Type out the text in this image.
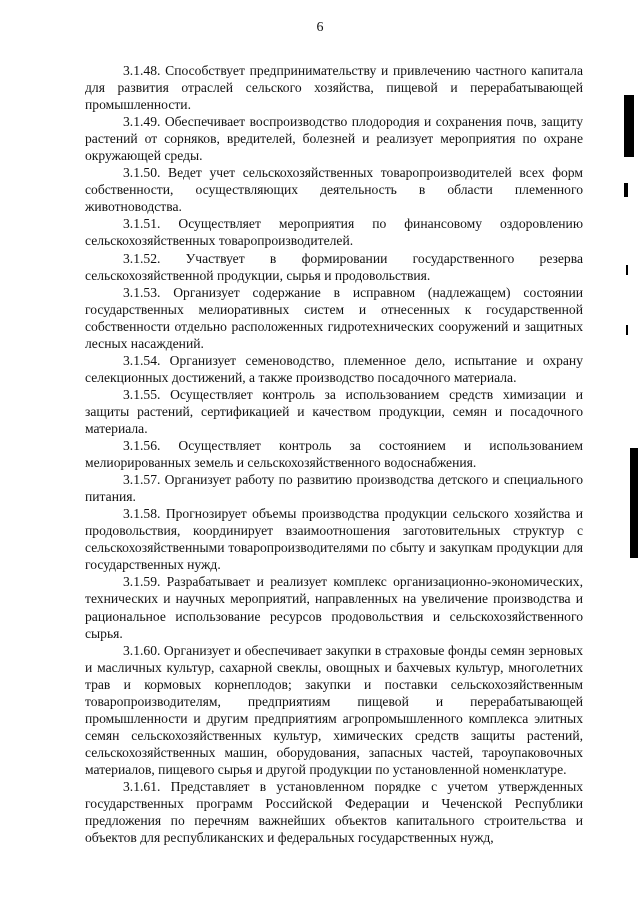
6

3.1.48. Способствует предпринимательству и привлечению частного капитала для развития отраслей сельского хозяйства, пищевой и перерабатывающей промышленности.

3.1.49. Обеспечивает воспроизводство плодородия и сохранения почв, защиту растений от сорняков, вредителей, болезней и реализует мероприятия по охране окружающей среды.

3.1.50. Ведет учет сельскохозяйственных товаропроизводителей всех форм собственности, осуществляющих деятельность в области племенного животноводства.

3.1.51. Осуществляет мероприятия по финансовому оздоровлению сельскохозяйственных товаропроизводителей.

3.1.52. Участвует в формировании государственного резерва сельскохозяйственной продукции, сырья и продовольствия.

3.1.53. Организует содержание в исправном (надлежащем) состоянии государственных мелиоративных систем и отнесенных к государственной собственности отдельно расположенных гидротехнических сооружений и защитных лесных насаждений.

3.1.54. Организует семеноводство, племенное дело, испытание и охрану селекционных достижений, а также производство посадочного материала.

3.1.55. Осуществляет контроль за использованием средств химизации и защиты растений, сертификацией и качеством продукции, семян и посадочного материала.

3.1.56. Осуществляет контроль за состоянием и использованием мелиорированных земель и сельскохозяйственного водоснабжения.

3.1.57. Организует работу по развитию производства детского и специального питания.

3.1.58. Прогнозирует объемы производства продукции сельского хозяйства и продовольствия, координирует взаимоотношения заготовительных структур с сельскохозяйственными товаропроизводителями по сбыту и закупкам продукции для государственных нужд.

3.1.59. Разрабатывает и реализует комплекс организационно-экономических, технических и научных мероприятий, направленных на увеличение производства и рациональное использование ресурсов продовольствия и сельскохозяйственного сырья.

3.1.60. Организует и обеспечивает закупки в страховые фонды семян зерновых и масличных культур, сахарной свеклы, овощных и бахчевых культур, многолетних трав и кормовых корнеплодов; закупки и поставки сельскохозяйственным товаропроизводителям, предприятиям пищевой и перерабатывающей промышленности и другим предприятиям агропромышленного комплекса элитных семян сельскохозяйственных культур, химических средств защиты растений, сельскохозяйственных машин, оборудования, запасных частей, тароупаковочных материалов, пищевого сырья и другой продукции по установленной номенклатуре.

3.1.61. Представляет в установленном порядке с учетом утвержденных государственных программ Российской Федерации и Чеченской Республики предложения по перечням важнейших объектов капитального строительства и объектов для республиканских и федеральных государственных нужд,
